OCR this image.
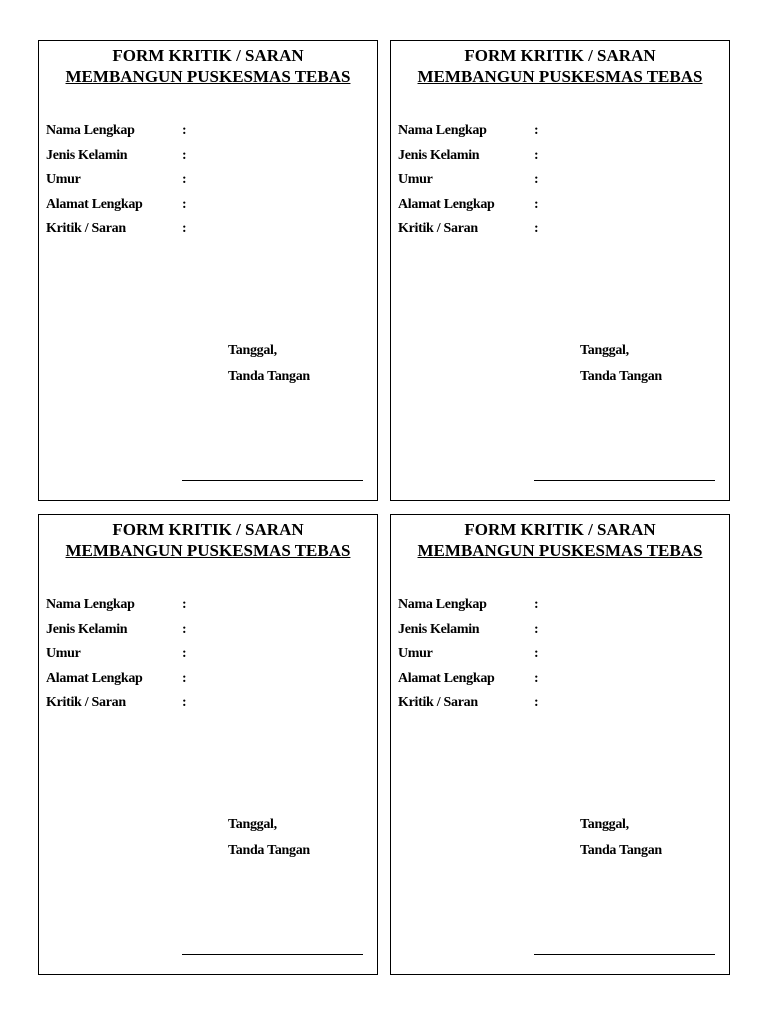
FORM KRITIK / SARAN
MEMBANGUN PUSKESMAS TEBAS
Nama Lengkap	:
Jenis Kelamin	:
Umur	:
Alamat Lengkap	:
Kritik / Saran	:
Tanggal,
Tanda Tangan
FORM KRITIK / SARAN
MEMBANGUN PUSKESMAS TEBAS
Nama Lengkap	:
Jenis Kelamin	:
Umur	:
Alamat Lengkap	:
Kritik / Saran	:
Tanggal,
Tanda Tangan
FORM KRITIK / SARAN
MEMBANGUN PUSKESMAS TEBAS
Nama Lengkap	:
Jenis Kelamin	:
Umur	:
Alamat Lengkap	:
Kritik / Saran	:
Tanggal,
Tanda Tangan
FORM KRITIK / SARAN
MEMBANGUN PUSKESMAS TEBAS
Nama Lengkap	:
Jenis Kelamin	:
Umur	:
Alamat Lengkap	:
Kritik / Saran	:
Tanggal,
Tanda Tangan
